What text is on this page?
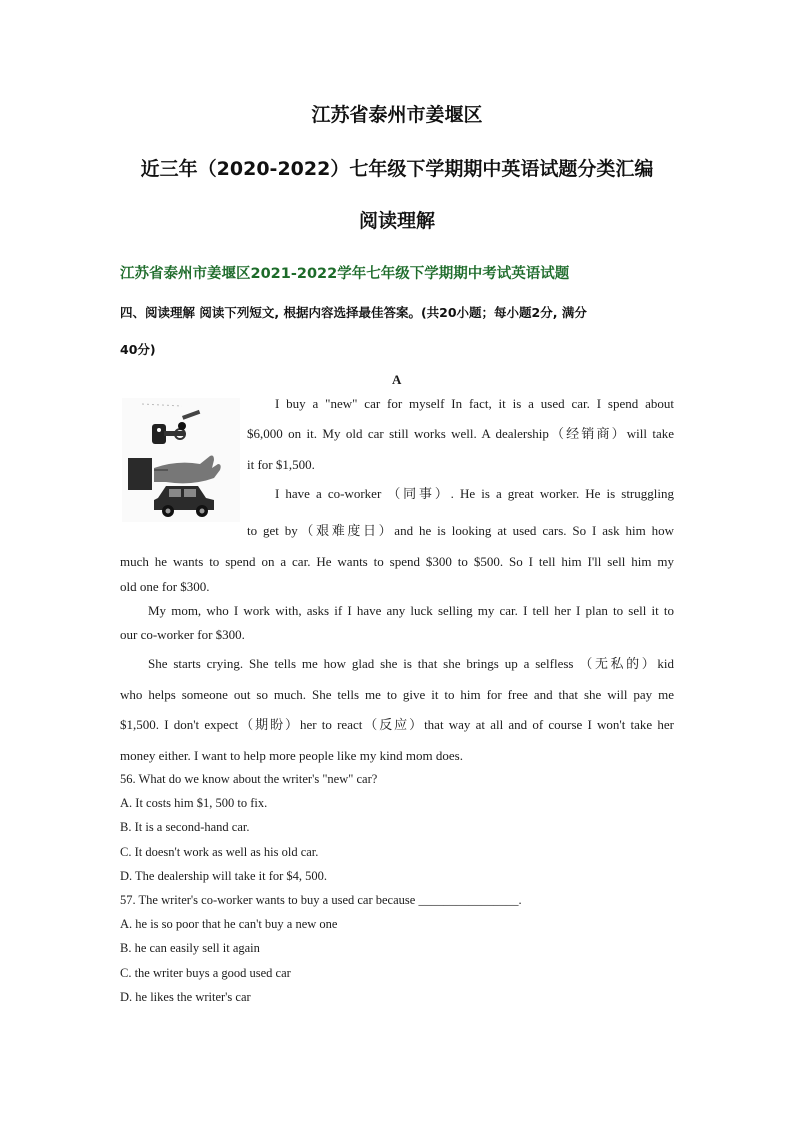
江苏省泰州市姜堰区
近三年（2020-2022）七年级下学期期中英语试题分类汇编
阅读理解
江苏省泰州市姜堰区2021-2022学年七年级下学期期中考试英语试题
四、阅读理解 阅读下列短文, 根据内容选择最佳答案。(共20小题；每小题2分, 满分
40分)
A
I buy a "new" car for myself In fact, it is a used car. I spend about
$6,000 on it. My old car still works well. A dealership（经销商）will take
it for $1,500.
I have a co-worker （同事）. He is a great worker. He is struggling
to get by（艰难度日）and he is looking at used cars. So I ask him how
much he wants to spend on a car. He wants to spend $300 to $500. So I tell him I'll sell him my
old one for $300.
My mom, who I work with, asks if I have any luck selling my car. I tell her I plan to sell it to
our co-worker for $300.
She starts crying. She tells me how glad she is that she brings up a selfless （无私的）kid
who helps someone out so much. She tells me to give it to him for free and that she will pay me
$1,500. I don't expect（期盼）her to react（反应）that way at all and of course I won't take her
money either. I want to help more people like my kind mom does.
56. What do we know about the writer's "new" car?
A. It costs him $1, 500 to fix.
B. It is a second-hand car.
C. It doesn't work as well as his old car.
D. The dealership will take it for $4, 500.
57. The writer's co-worker wants to buy a used car because ________________.
A. he is so poor that he can't buy a new one
B. he can easily sell it again
C. the writer buys a good used car
D. he likes the writer's car
